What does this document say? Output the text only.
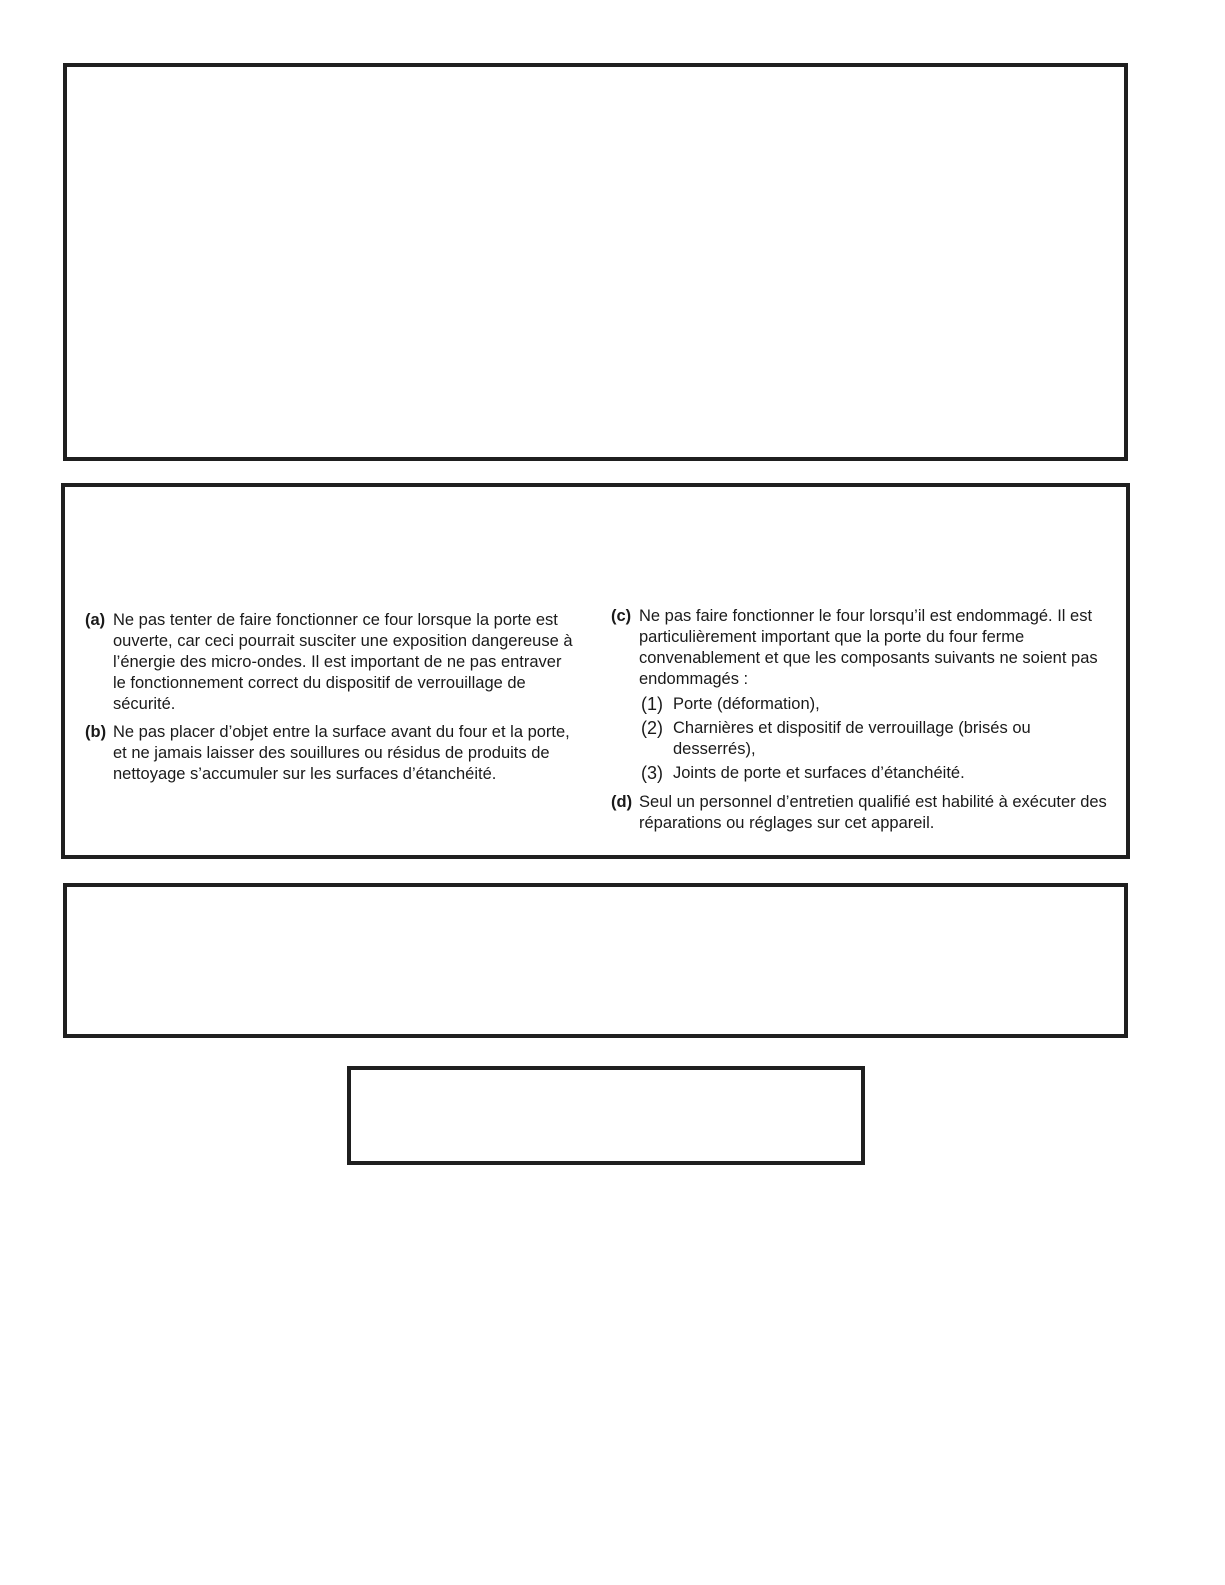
(a) Ne pas tenter de faire fonctionner ce four lorsque la porte est ouverte, car ceci pourrait susciter une exposition dangereuse à l’énergie des micro-ondes. Il est important de ne pas entraver le fonctionnement correct du dispositif de verrouillage de sécurité.
(b) Ne pas placer d’objet entre la surface avant du four et la porte, et ne jamais laisser des souillures ou résidus de produits de nettoyage s’accumuler sur les surfaces d’étanchéité.
(c) Ne pas faire fonctionner le four lorsqu’il est endommagé. Il est particulièrement important que la porte du four ferme convenablement et que les composants suivants ne soient pas endommagés :
(1) Porte (déformation),
(2) Charnières et dispositif de verrouillage (brisés ou desserrés),
(3) Joints de porte et surfaces d’étanchéité.
(d) Seul un personnel d’entretien qualifié est habilité à exécuter des réparations ou réglages sur cet appareil.
